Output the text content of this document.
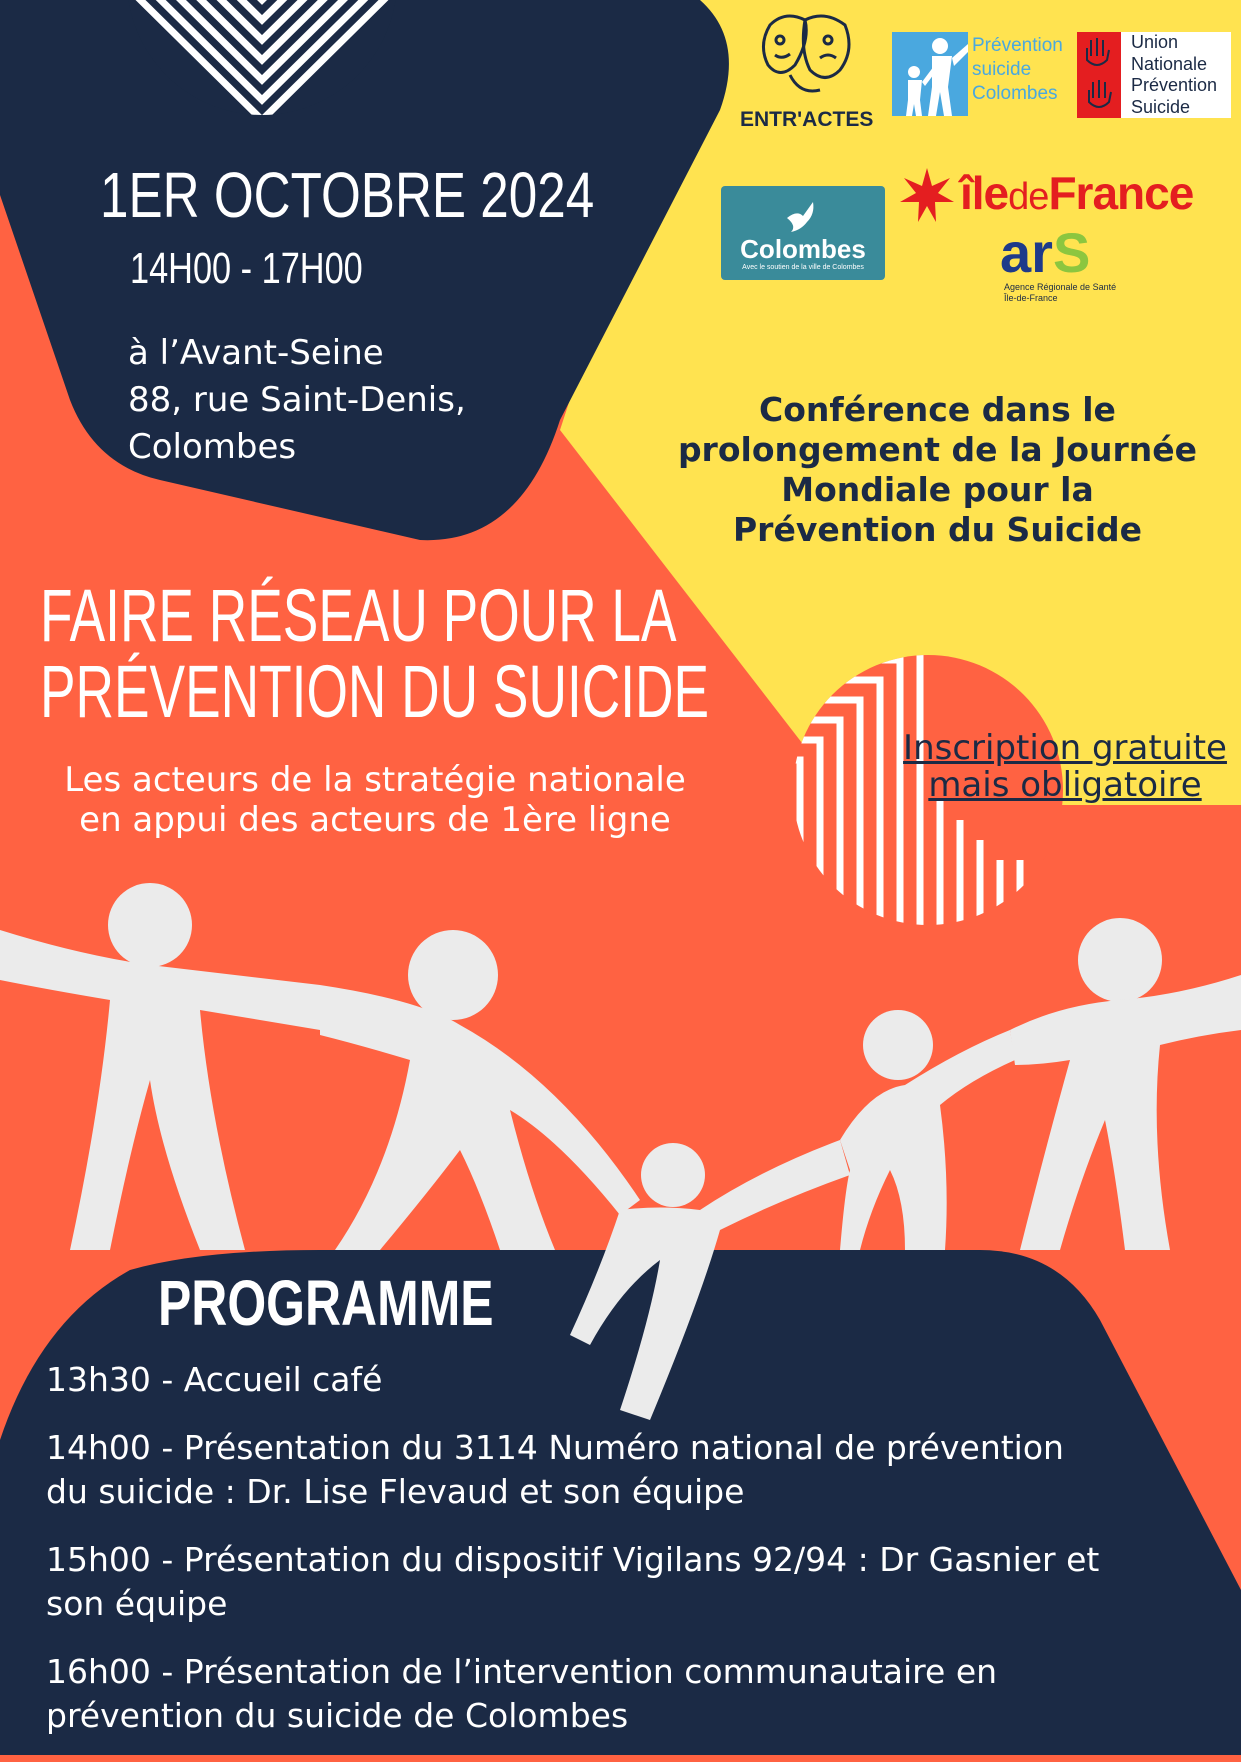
1ER OCTOBRE 2024
14H00 - 17H00
à l’Avant-Seine
88, rue Saint-Denis,
Colombes
Conférence dans le
prolongement de la Journée
Mondiale pour la
Prévention du Suicide
FAIRE RÉSEAU POUR LA
PRÉVENTION DU SUICIDE
Les acteurs de la stratégie nationale
en appui des acteurs de 1ère ligne
Inscription gratuite
mais obligatoire
ENTR'ACTES
Prévention
suicide
Colombes
Union
Nationale
Prévention
Suicide
Colombes
Avec le soutien de la ville de Colombes
îledeFrance
arS
Agence Régionale de Santé
Île-de-France
PROGRAMME
13h30 - Accueil café
14h00 - Présentation du 3114 Numéro national de prévention
du suicide : Dr. Lise Flevaud et son équipe
15h00 - Présentation du dispositif Vigilans 92/94 : Dr Gasnier et
son équipe
16h00 - Présentation de l’intervention communautaire en
prévention du suicide de Colombes
